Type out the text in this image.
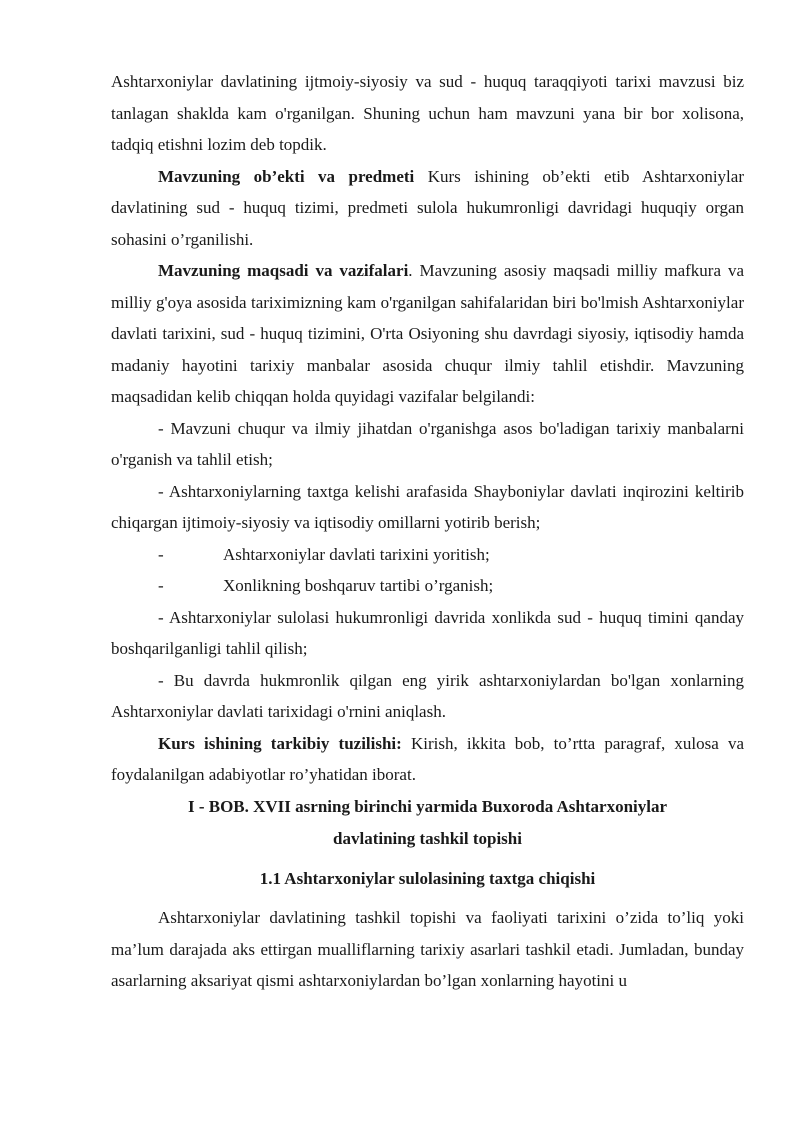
Ashtarxoniylar davlatining ijtmoiy-siyosiy va sud - huquq taraqqiyoti tarixi mavzusi biz tanlagan shaklda kam o'rganilgan. Shuning uchun ham mavzuni yana bir bor xolisona, tadqiq etishni lozim deb topdik.

Mavzuning ob’ekti va predmeti Kurs ishining ob’ekti etib Ashtarxoniylar davlatining sud - huquq tizimi, predmeti sulola hukumronligi davridagi huquqiy organ sohasini o’rganilishi.

Mavzuning maqsadi va vazifalari. Mavzuning asosiy maqsadi milliy mafkura va milliy g'oya asosida tariximizning kam o'rganilgan sahifalaridan biri bo'lmish Ashtarxoniylar davlati tarixini, sud - huquq tizimini, O'rta Osiyoning shu davrdagi siyosiy, iqtisodiy hamda madaniy hayotini tarixiy manbalar asosida chuqur ilmiy tahlil etishdir. Mavzuning maqsadidan kelib chiqqan holda quyidagi vazifalar belgilandi:

- Mavzuni chuqur va ilmiy jihatdan o'rganishga asos bo'ladigan tarixiy manbalarni o'rganish va tahlil etish;

- Ashtarxoniylarning taxtga kelishi arafasida Shayboniylar davlati inqirozini keltirib chiqargan ijtimoiy-siyosiy va iqtisodiy omillarni yotirib berish;

-	Ashtarxoniylar davlati tarixini yoritish;
-	Xonlikning boshqaruv tartibi o’rganish;

- Ashtarxoniylar sulolasi hukumronligi davrida xonlikda sud - huquq timini qanday boshqarilganligi tahlil qilish;

- Bu davrda hukmronlik qilgan eng yirik ashtarxoniylardan bo'lgan xonlarning Ashtarxoniylar davlati tarixidagi o'rnini aniqlash.

Kurs ishining tarkibiy tuzilishi: Kirish, ikkita bob, to’rtta paragraf, xulosa va foydalanilgan adabiyotlar ro’yhatidan iborat.

I - BOB. XVII asrning birinchi yarmida Buxoroda Ashtarxoniylar

davlatining tashkil topishi

1.1 Ashtarxoniylar sulolasining taxtga chiqishi

Ashtarxoniylar davlatining tashkil topishi va faoliyati tarixini o’zida to’liq yoki ma’lum darajada aks ettirgan mualliflarning tarixiy asarlari tashkil etadi. Jumladan, bunday asarlarning aksariyat qismi ashtarxoniylardan bo’lgan xonlarning hayotini u
